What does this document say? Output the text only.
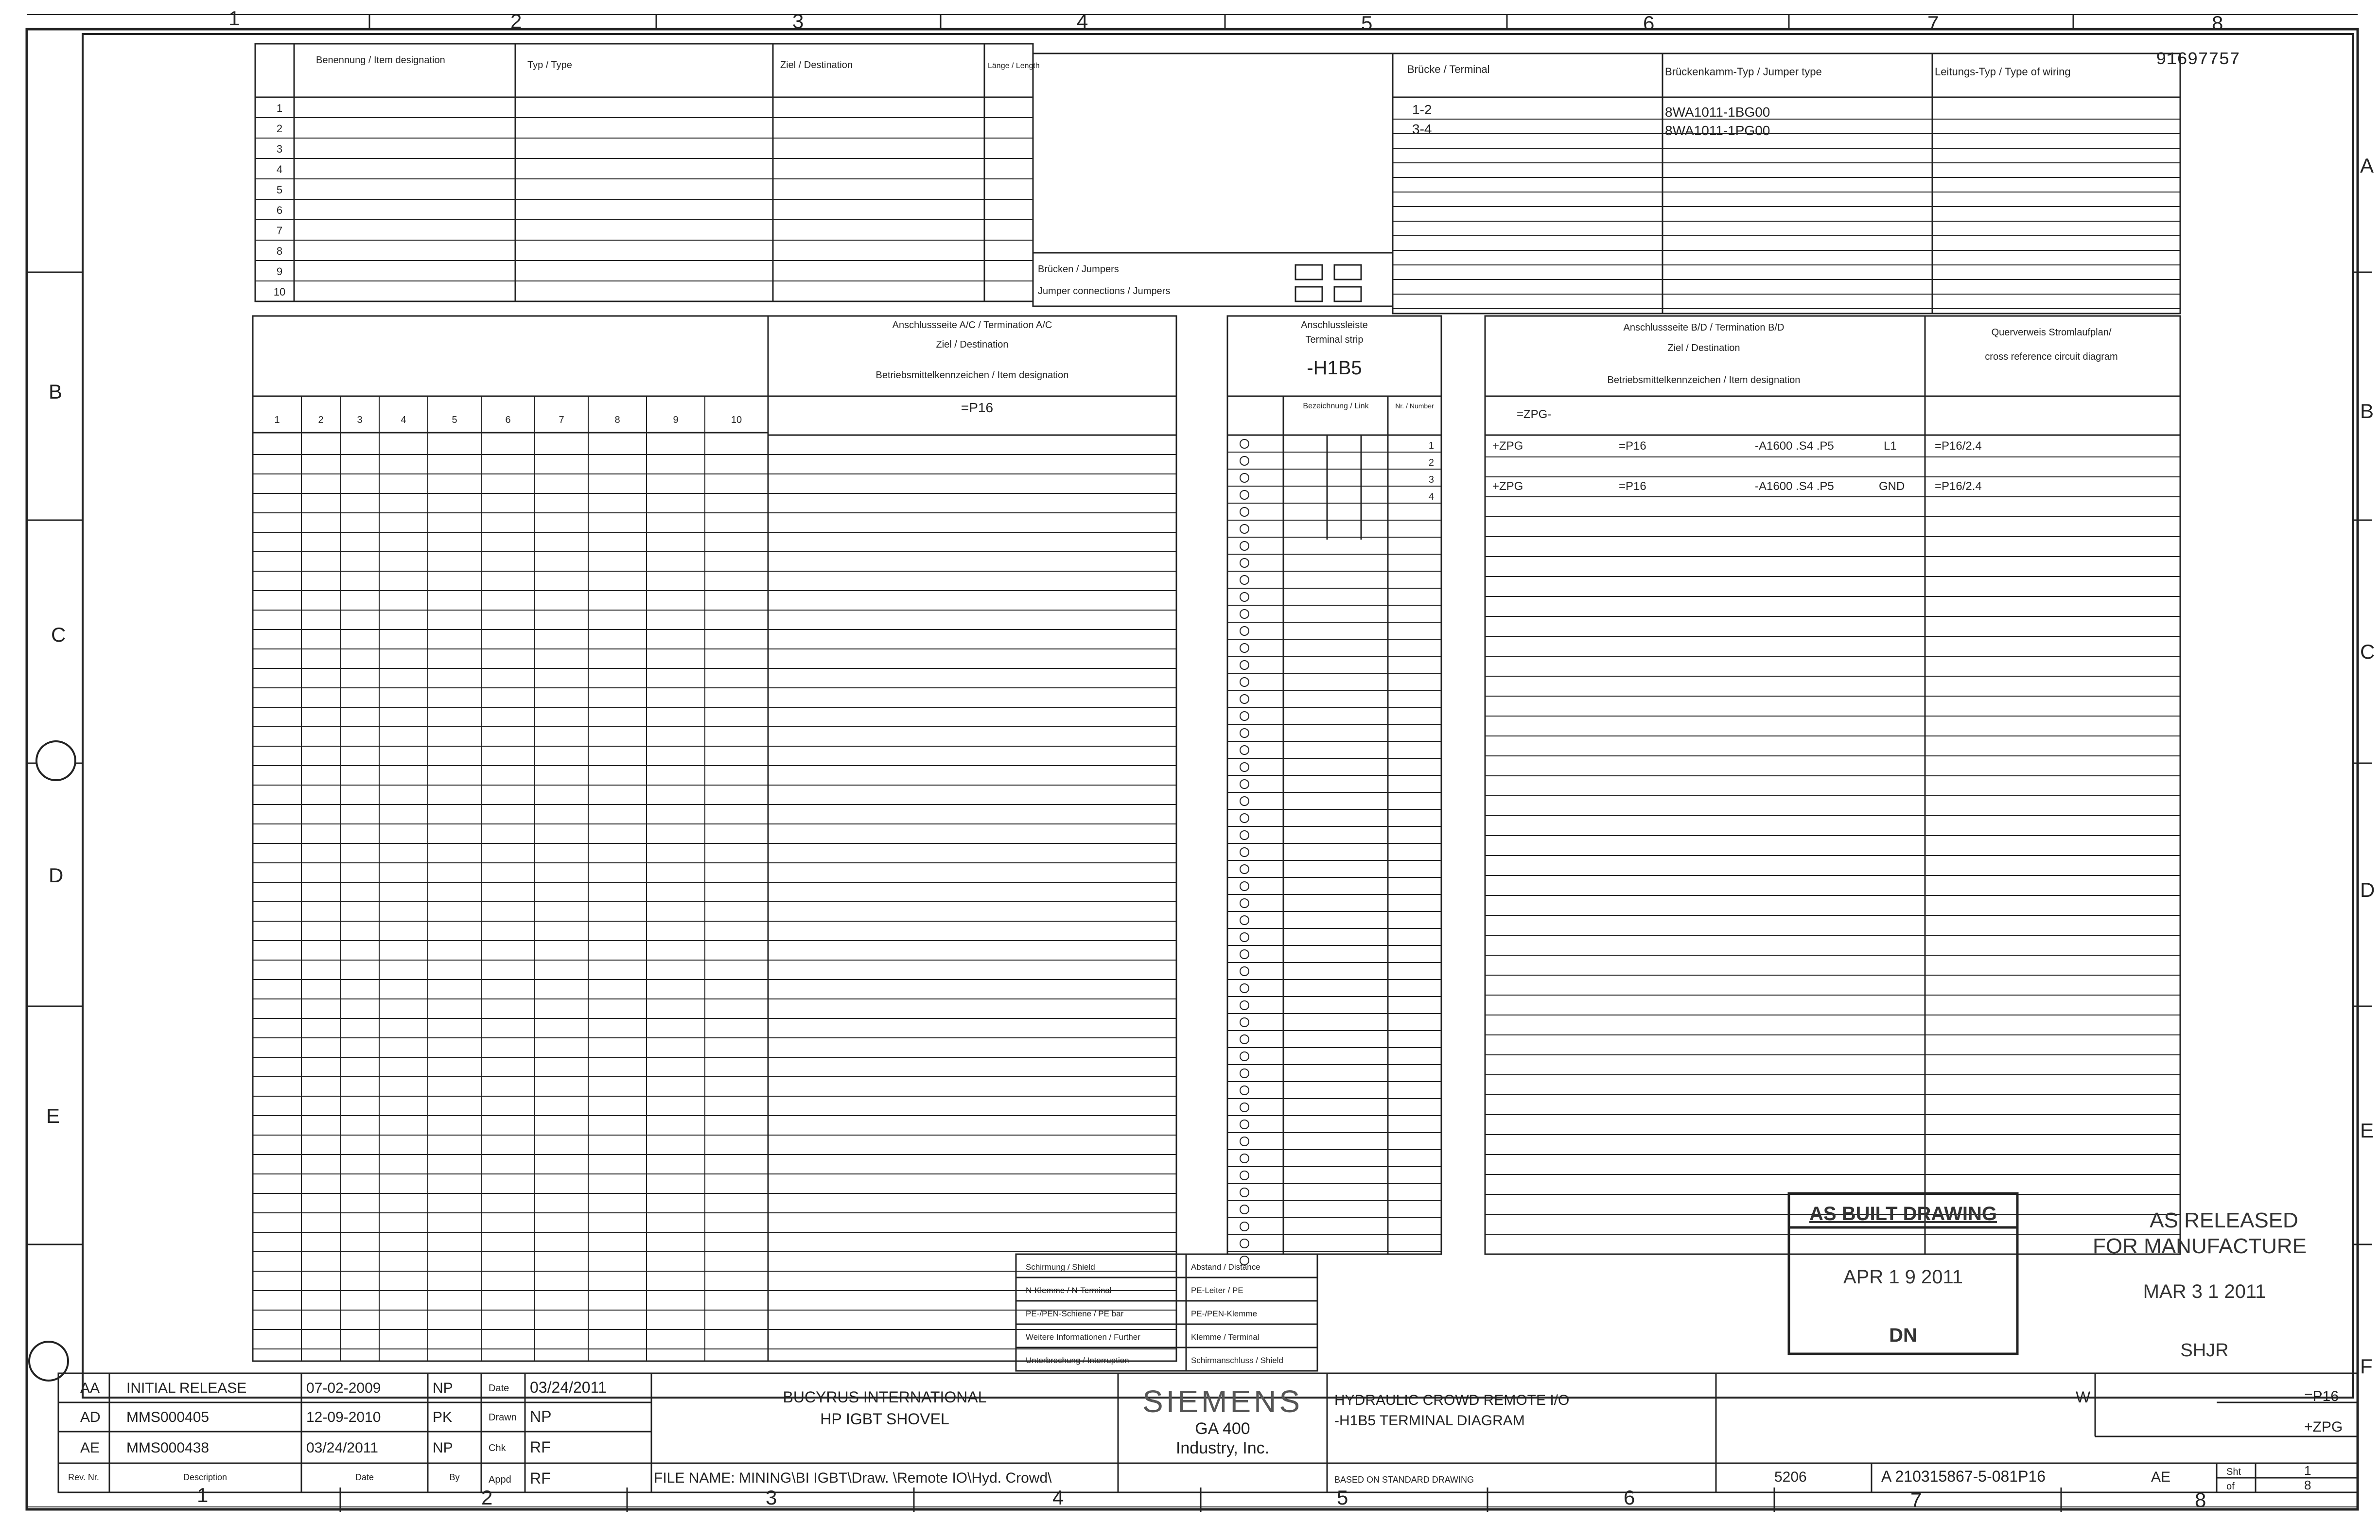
91697757
1	2	3	4	5	6	7	8
1	2	3	4	5	6	7	8
A
B
B
C
C
D
D
E
E
F
Benennung / Item designation	Typ / Type	Ziel / Destination	Länge / Length
1
2
3
4
5
6
7
8
9
10
Brücken / Jumpers
Jumper connections / Jumpers
Brücke / Terminal	Brückenkamm-Typ / Jumper type	Leitungs-Typ / Type of wiring
1-2	8WA1011-1BG00
3-4	8WA1011-1PG00
Anschlussseite A/C / Termination A/C
Ziel / Destination
Betriebsmittelkennzeichen / Item designation
=P16
1	2	3	4	5	6	7	8	9	10
Anschlussleiste
Terminal strip
-H1B5
Bezeichnung / Link	Nr. / Number
1
2
3
4
Anschlussseite B/D / Termination B/D
Ziel / Destination
Betriebsmittelkennzeichen / Item designation
Querverweis Stromlaufplan/
cross reference circuit diagram
=ZPG-
+ZPG	=P16	-A1600 .S4 .P5	L1	=P16/2.4
+ZPG	=P16	-A1600 .S4 .P5	GND	=P16/2.4
Schirmung / Shield	Abstand / Distance
N-Klemme / N-Terminal	PE-Leiter / PE
PE-/PEN-Schiene / PE bar	PE-/PEN-Klemme
Weitere Informationen / Further	Klemme / Terminal
Unterbrechung / Interruption	Schirmanschluss / Shield
AS BUILT DRAWING
APR 1 9 2011
DN
AS RELEASED
FOR MANUFACTURE
MAR 3 1 2011
SHJR
AA INITIAL RELEASE	07-02-2009	NP
AD MMS000405	12-09-2010	PK
AE MMS000438	03/24/2011	NP
Rev. Nr.	Description	Date	By
Date 03/24/2011
Drawn NP
Chk RF
Appd RF
BUCYRUS INTERNATIONAL
HP IGBT SHOVEL	SIEMENS
GA 400
Industry, Inc.
FILE NAME: MINING\BI IGBT\Draw. \Remote IO\Hyd. Crowd\
HYDRAULIC CROWD REMOTE I/O
-H1B5 TERMINAL DIAGRAM
BASED ON STANDARD DRAWING	5206	A 210315867-5-081P16	AE
W	=P16
+ZPG
Sht	1
of	8
